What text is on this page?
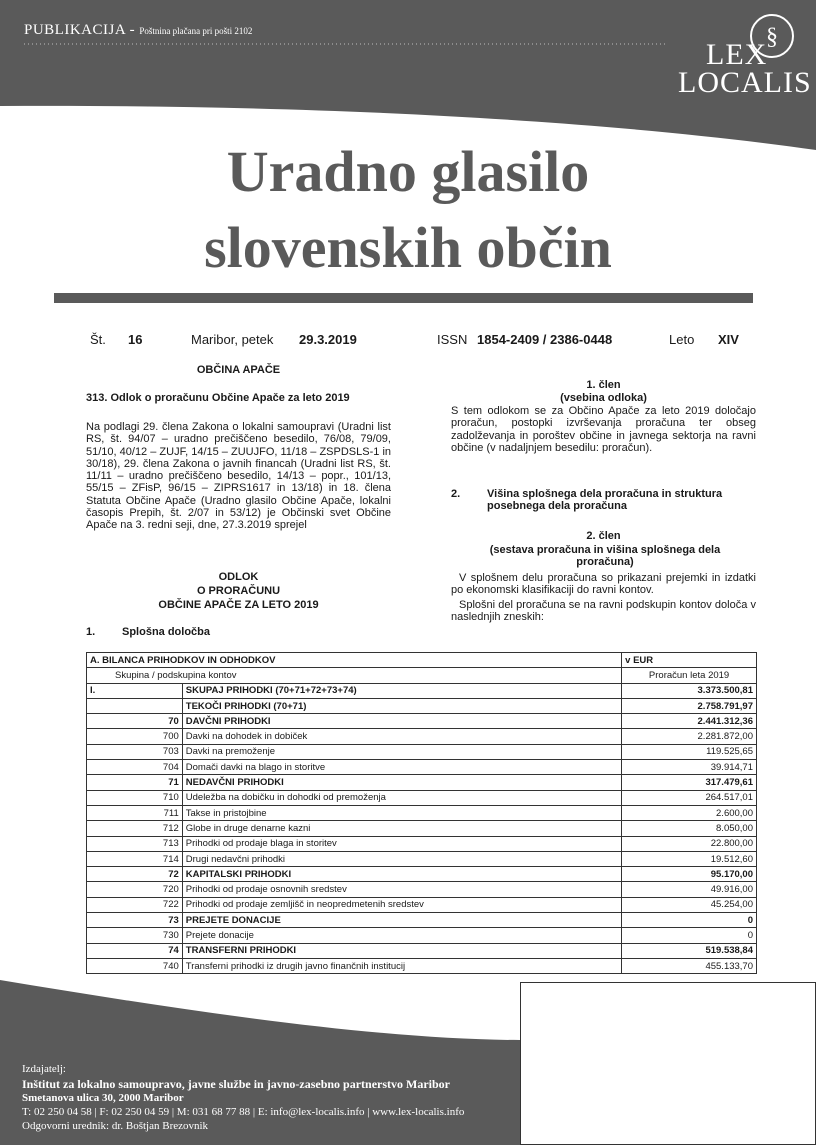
PUBLIKACIJA - Poštnina plačana pri pošti 2102	§
LEX
LOCALIS
Uradno glasilo
slovenskih občin
Št. 16	Maribor, petek 29.3.2019	ISSN 1854-2409 / 2386-0448	Leto XIV
OBČINA APAČE
313. Odlok o proračunu Občine Apače za leto 2019
Na podlagi 29. člena Zakona o lokalni samoupravi (Uradni list RS, št. 94/07 – uradno prečiščeno besedilo, 76/08, 79/09, 51/10, 40/12 – ZUJF, 14/15 – ZUUJFO, 11/18 – ZSPDSLS-1 in 30/18), 29. člena Zakona o javnih financah (Uradni list RS, št. 11/11 – uradno prečiščeno besedilo, 14/13 – popr., 101/13, 55/15 – ZFisP, 96/15 – ZIPRS1617 in 13/18) in 18. člena Statuta Občine Apače (Uradno glasilo Občine Apače, lokalni časopis Prepih, št. 2/07 in 53/12) je Občinski svet Občine Apače na 3. redni seji, dne, 27.3.2019 sprejel
ODLOK
O PRORAČUNU
OBČINE APAČE ZA LETO 2019
1. Splošna določba
1. člen
(vsebina odloka)
S tem odlokom se za Občino Apače za leto 2019 določajo proračun, postopki izvrševanja proračuna ter obseg zadolževanja in poroštev občine in javnega sektorja na ravni občine (v nadaljnjem besedilu: proračun).
2. Višina splošnega dela proračuna in struktura posebnega dela proračuna
2. člen
(sestava proračuna in višina splošnega dela proračuna)
V splošnem delu proračuna so prikazani prejemki in izdatki po ekonomski klasifikaciji do ravni kontov.
Splošni del proračuna se na ravni podskupin kontov določa v naslednjih zneskih:
A. BILANCA PRIHODKOV IN ODHODKOV		v EUR
Skupina / podskupina kontov		Proračun leta 2019
I.	SKUPAJ PRIHODKI (70+71+72+73+74)	3.373.500,81
	TEKOČI PRIHODKI (70+71)	2.758.791,97
70	DAVČNI PRIHODKI	2.441.312,36
700	Davki na dohodek in dobiček	2.281.872,00
703	Davki na premoženje	119.525,65
704	Domači davki na blago in storitve	39.914,71
71	NEDAVČNI PRIHODKI	317.479,61
710	Udeležba na dobičku in dohodki od premoženja	264.517,01
711	Takse in pristojbine	2.600,00
712	Globe in druge denarne kazni	8.050,00
713	Prihodki od prodaje blaga in storitev	22.800,00
714	Drugi nedavčni prihodki	19.512,60
72	KAPITALSKI PRIHODKI	95.170,00
720	Prihodki od prodaje osnovnih sredstev	49.916,00
722	Prihodki od prodaje zemljišč in neopredmetenih sredstev	45.254,00
73	PREJETE DONACIJE	0
730	Prejete donacije	0
74	TRANSFERNI PRIHODKI	519.538,84
740	Transferni prihodki iz drugih javno finančnih institucij	455.133,70
Izdajatelj:
Inštitut za lokalno samoupravo, javne službe in javno-zasebno partnerstvo Maribor
Smetanova ulica 30, 2000 Maribor
T: 02 250 04 58 | F: 02 250 04 59 | M: 031 68 77 88 | E: info@lex-localis.info | www.lex-localis.info
Odgovorni urednik: dr. Boštjan Brezovnik
